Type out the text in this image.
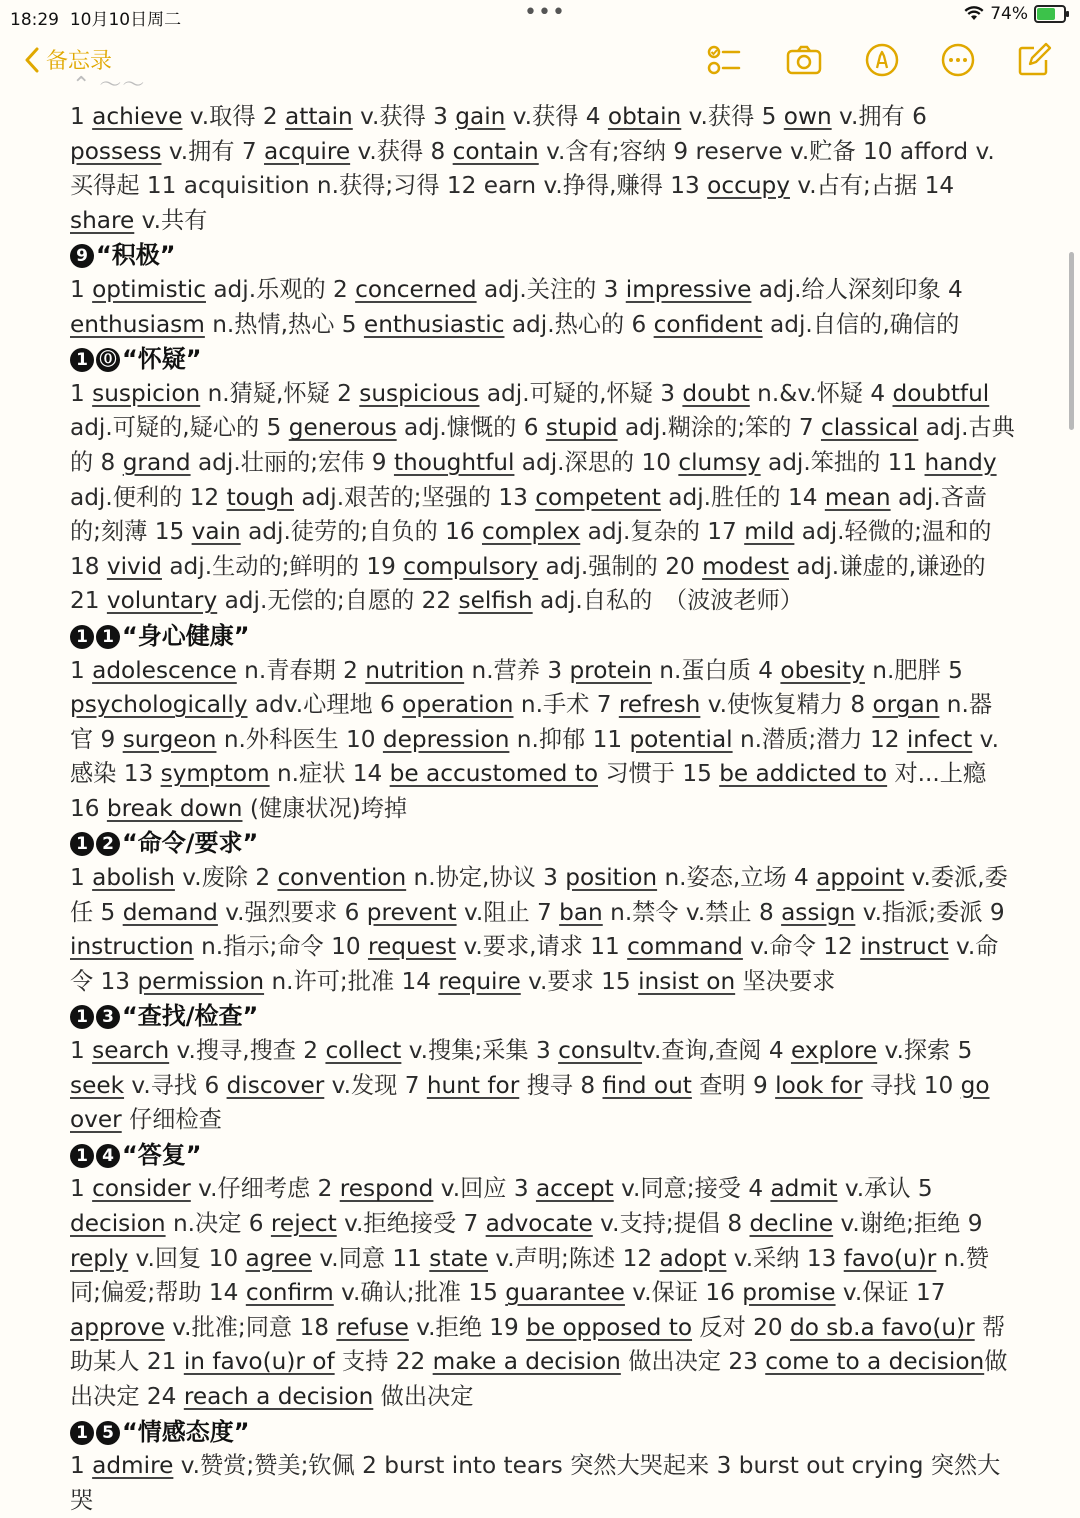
18:29 10月10日周二	•••	74%
备忘录
⌃ ～～

1 achieve v.取得 2 attain v.获得 3 gain v.获得 4 obtain v.获得 5 own v.拥有 6 possess v.拥有 7 acquire v.获得 8 contain v.含有;容纳 9 reserve v.贮备 10 afford v.买得起 11 acquisition n.获得;习得 12 earn v.挣得,赚得 13 occupy v.占有;占据 14 share v.共有

9 “积极”

1 optimistic adj.乐观的 2 concerned adj.关注的 3 impressive adj.给人深刻印象 4 enthusiasm n.热情,热心 5 enthusiastic adj.热心的 6 confident adj.自信的,确信的

1 ⓪ “怀疑”

1 suspicion n.猜疑,怀疑 2 suspicious adj.可疑的,怀疑 3 doubt n.&v.怀疑 4 doubtful adj.可疑的,疑心的 5 generous adj.慷慨的 6 stupid adj.糊涂的;笨的 7 classical adj.古典的 8 grand adj.壮丽的;宏伟 9 thoughtful adj.深思的 10 clumsy adj.笨拙的 11 handy adj.便利的 12 tough adj.艰苦的;坚强的 13 competent adj.胜任的 14 mean adj.吝啬的;刻薄 15 vain adj.徒劳的;自负的 16 complex adj.复杂的 17 mild adj.轻微的;温和的 18 vivid adj.生动的;鲜明的 19 compulsory adj.强制的 20 modest adj.谦虚的,谦逊的 21 voluntary adj.无偿的;自愿的 22 selfish adj.自私的　（波波老师）

1 1 “身心健康”

1 adolescence n.青春期 2 nutrition n.营养 3 protein n.蛋白质 4 obesity n.肥胖 5 psychologically adv.心理地 6 operation n.手术 7 refresh v.使恢复精力 8 organ n.器官 9 surgeon n.外科医生 10 depression n.抑郁 11 potential n.潜质;潜力 12 infect v.感染 13 symptom n.症状 14 be accustomed to 习惯于 15 be addicted to 对...上瘾 16 break down (健康状况)垮掉

1 2 “命令/要求”

1 abolish v.废除 2 convention n.协定,协议 3 position n.姿态,立场 4 appoint v.委派,委任 5 demand v.强烈要求 6 prevent v.阻止 7 ban n.禁令 v.禁止 8 assign v.指派;委派 9 instruction n.指示;命令 10 request v.要求,请求 11 command v.命令 12 instruct v.命令 13 permission n.许可;批准 14 require v.要求 15 insist on 坚决要求

1 3 “查找/检查”

1 search v.搜寻,搜查 2 collect v.搜集;采集 3 consultv.查询,查阅 4 explore v.探索 5 seek v.寻找 6 discover v.发现 7 hunt for 搜寻 8 find out 查明 9 look for 寻找 10 go over 仔细检查

1 4 “答复”

1 consider v.仔细考虑 2 respond v.回应 3 accept v.同意;接受 4 admit v.承认 5 decision n.决定 6 reject v.拒绝接受 7 advocate v.支持;提倡 8 decline v.谢绝;拒绝 9 reply v.回复 10 agree v.同意 11 state v.声明;陈述 12 adopt v.采纳 13 favo(u)r n.赞同;偏爱;帮助 14 confirm v.确认;批准 15 guarantee v.保证 16 promise v.保证 17 approve v.批准;同意 18 refuse v.拒绝 19 be opposed to 反对 20 do sb.a favo(u)r 帮助某人 21 in favo(u)r of 支持 22 make a decision 做出决定 23 come to a decision做出决定 24 reach a decision 做出决定

1 5 “情感态度”

1 admire v.赞赏;赞美;钦佩 2 burst into tears 突然大哭起来 3 burst out crying 突然大哭
